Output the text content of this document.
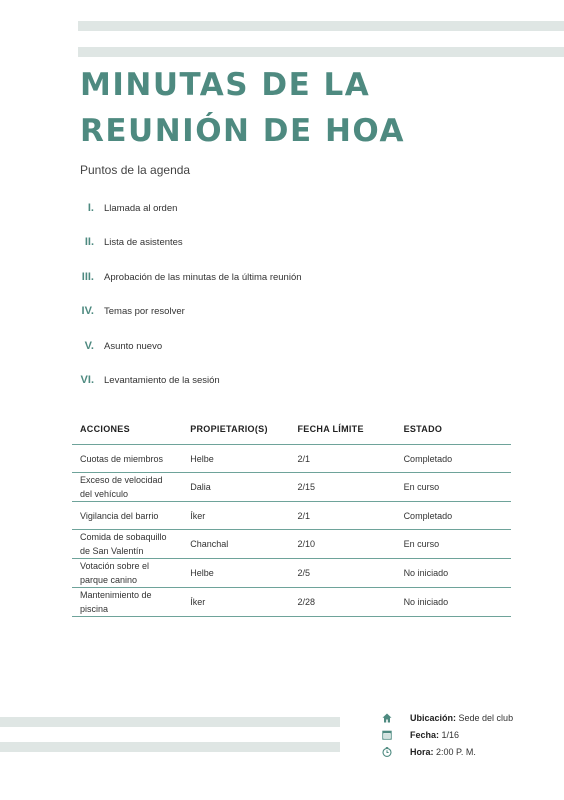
MINUTAS DE LA REUNIÓN DE HOA
Puntos de la agenda
I. Llamada al orden
II. Lista de asistentes
III. Aprobación de las minutas de la última reunión
IV. Temas por resolver
V. Asunto nuevo
VI. Levantamiento de la sesión
ACCIONES	PROPIETARIO(S)	FECHA LÍMITE	ESTADO
Cuotas de miembros	Helbe	2/1	Completado
Exceso de velocidad del vehículo	Dalia	2/15	En curso
Vigilancia del barrio	Íker	2/1	Completado
Comida de sobaquillo de San Valentín	Chanchal	2/10	En curso
Votación sobre el parque canino	Helbe	2/5	No iniciado
Mantenimiento de piscina	Íker	2/28	No iniciado
Ubicación: Sede del club
Fecha: 1/16
Hora: 2:00 P. M.
